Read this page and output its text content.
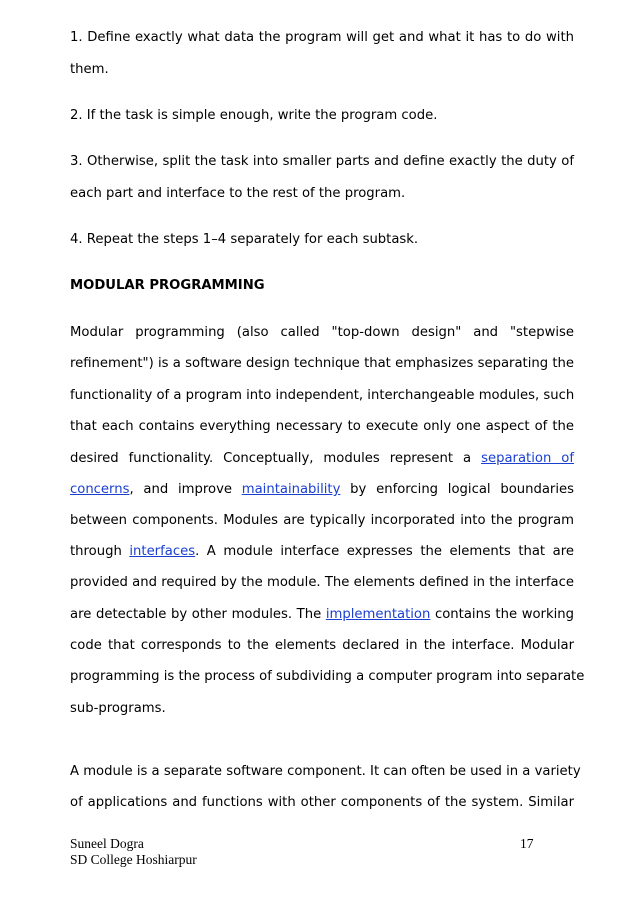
1. Define exactly what data the program will get and what it has to do with
them.
2. If the task is simple enough, write the program code.
3. Otherwise, split the task into smaller parts and define exactly the duty of
each part and interface to the rest of the program.
4. Repeat the steps 1–4 separately for each subtask.
MODULAR PROGRAMMING
Modular programming (also called "top-down design" and "stepwise
refinement") is a software design technique that emphasizes separating the
functionality of a program into independent, interchangeable modules, such
that each contains everything necessary to execute only one aspect of the
desired functionality. Conceptually, modules represent a separation of
concerns, and improve maintainability by enforcing logical boundaries
between components. Modules are typically incorporated into the program
through interfaces. A module interface expresses the elements that are
provided and required by the module. The elements defined in the interface
are detectable by other modules. The implementation contains the working
code that corresponds to the elements declared in the interface. Modular
programming is the process of subdividing a computer program into separate
sub-programs.
A module is a separate software component. It can often be used in a variety
of applications and functions with other components of the system. Similar
Suneel Dogra
SD College Hoshiarpur
17
